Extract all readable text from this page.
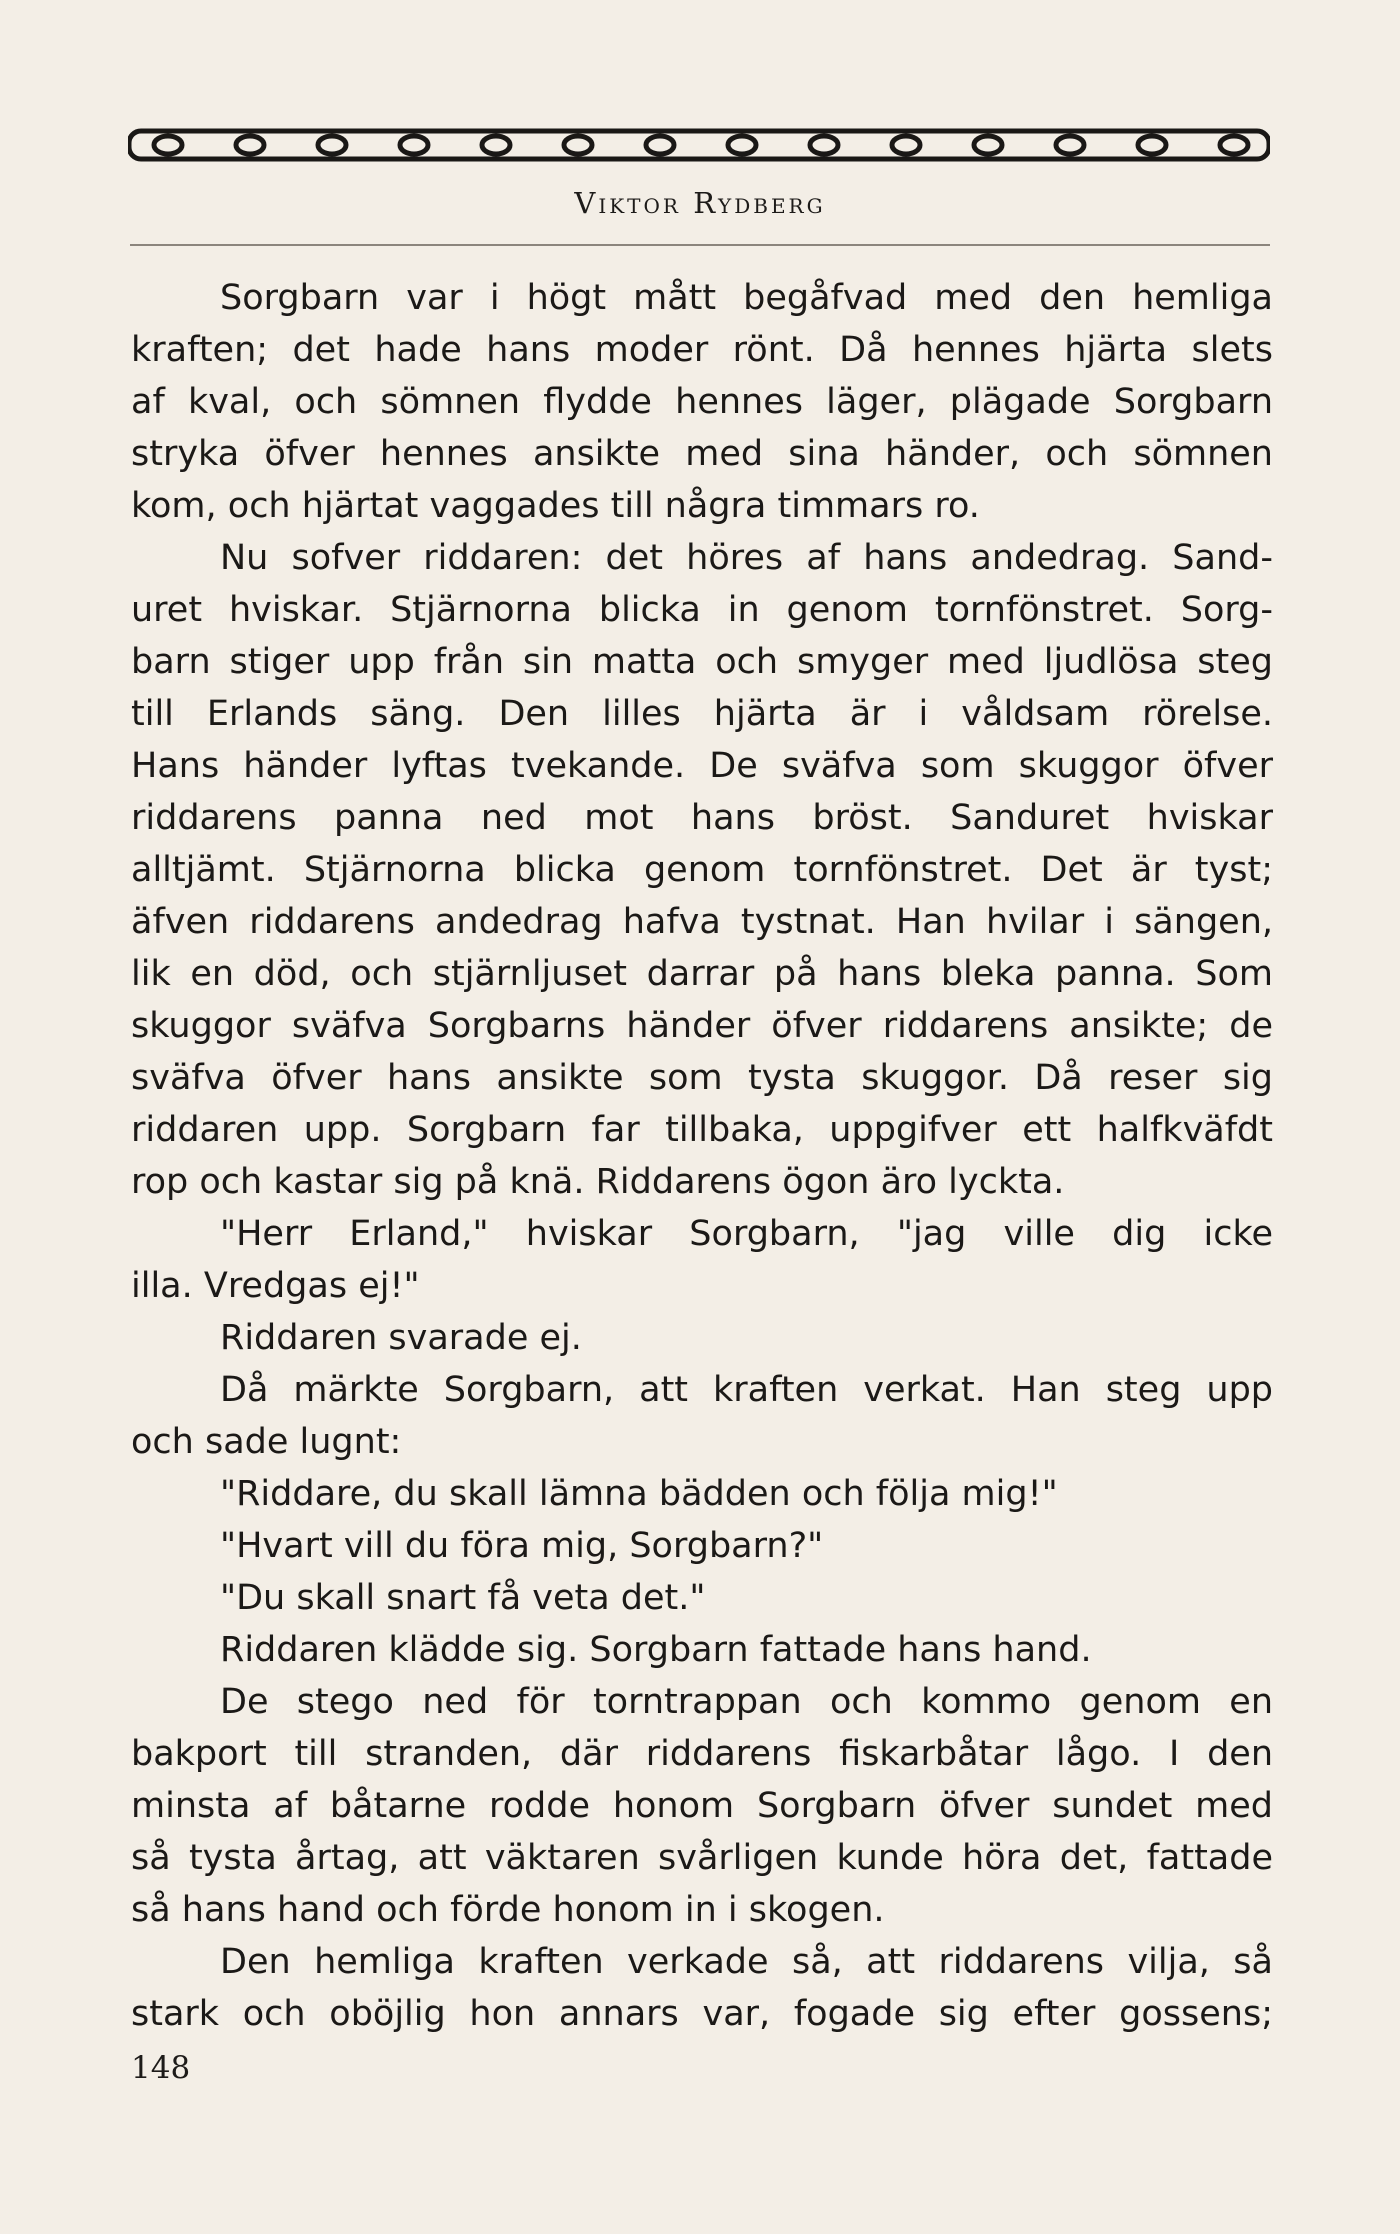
Viktor Rydberg
Sorgbarn var i högt mått begåfvad med den hemliga
kraften; det hade hans moder rönt. Då hennes hjärta slets
af kval, och sömnen flydde hennes läger, plägade Sorgbarn
stryka öfver hennes ansikte med sina händer, och sömnen
kom, och hjärtat vaggades till några timmars ro.
Nu sofver riddaren: det höres af hans andedrag. Sand-
uret hviskar. Stjärnorna blicka in genom tornfönstret. Sorg-
barn stiger upp från sin matta och smyger med ljudlösa steg
till Erlands säng. Den lilles hjärta är i våldsam rörelse.
Hans händer lyftas tvekande. De sväfva som skuggor öfver
riddarens panna ned mot hans bröst. Sanduret hviskar
alltjämt. Stjärnorna blicka genom tornfönstret. Det är tyst;
äfven riddarens andedrag hafva tystnat. Han hvilar i sängen,
lik en död, och stjärnljuset darrar på hans bleka panna. Som
skuggor sväfva Sorgbarns händer öfver riddarens ansikte; de
sväfva öfver hans ansikte som tysta skuggor. Då reser sig
riddaren upp. Sorgbarn far tillbaka, uppgifver ett halfkväfdt
rop och kastar sig på knä. Riddarens ögon äro lyckta.
"Herr Erland," hviskar Sorgbarn, "jag ville dig icke
illa. Vredgas ej!"
Riddaren svarade ej.
Då märkte Sorgbarn, att kraften verkat. Han steg upp
och sade lugnt:
"Riddare, du skall lämna bädden och följa mig!"
"Hvart vill du föra mig, Sorgbarn?"
"Du skall snart få veta det."
Riddaren klädde sig. Sorgbarn fattade hans hand.
De stego ned för torntrappan och kommo genom en
bakport till stranden, där riddarens fiskarbåtar lågo. I den
minsta af båtarne rodde honom Sorgbarn öfver sundet med
så tysta årtag, att väktaren svårligen kunde höra det, fattade
så hans hand och förde honom in i skogen.
Den hemliga kraften verkade så, att riddarens vilja, så
stark och oböjlig hon annars var, fogade sig efter gossens;
148
